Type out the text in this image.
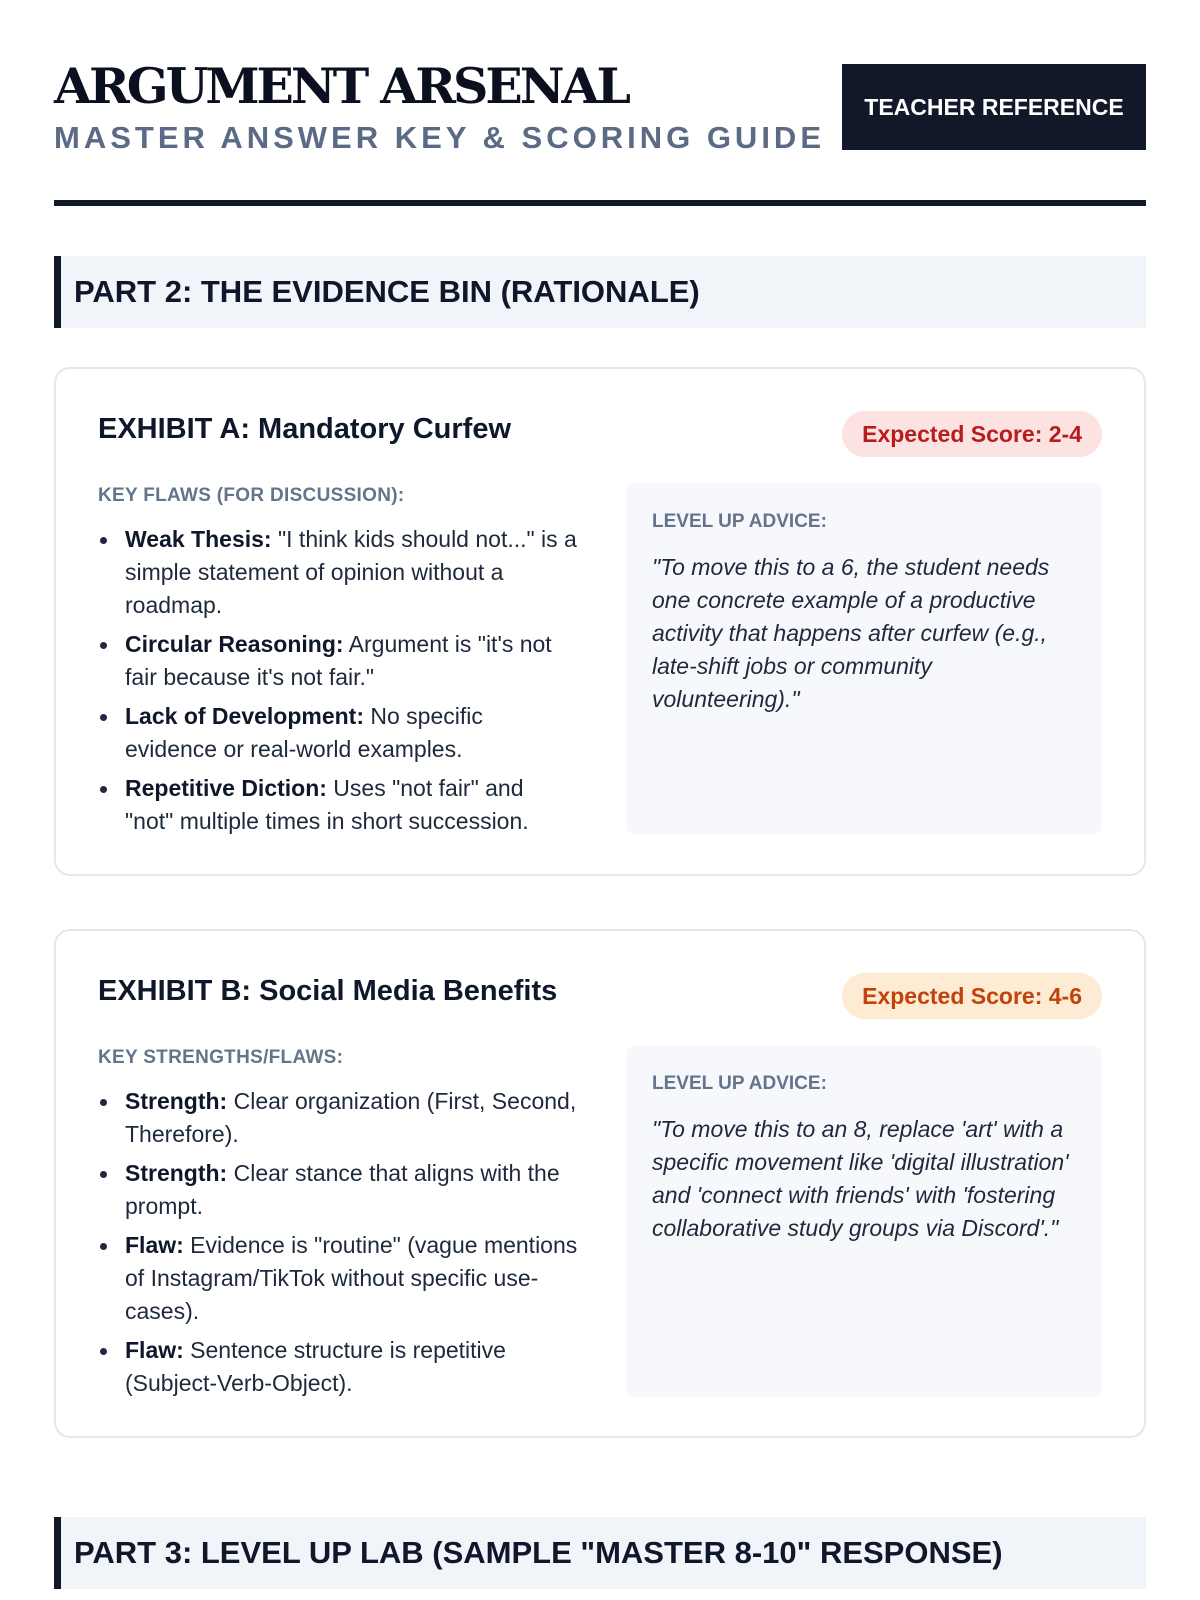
ARGUMENT ARSENAL
MASTER ANSWER KEY & SCORING GUIDE
TEACHER REFERENCE
PART 2: THE EVIDENCE BIN (RATIONALE)
EXHIBIT A: Mandatory Curfew	Expected Score: 2-4
KEY FLAWS (FOR DISCUSSION):
Weak Thesis: "I think kids should not..." is a simple statement of opinion without a roadmap.
Circular Reasoning: Argument is "it's not fair because it's not fair."
Lack of Development: No specific evidence or real-world examples.
Repetitive Diction: Uses "not fair" and "not" multiple times in short succession.
LEVEL UP ADVICE:
"To move this to a 6, the student needs one concrete example of a productive activity that happens after curfew (e.g., late-shift jobs or community volunteering)."
EXHIBIT B: Social Media Benefits	Expected Score: 4-6
KEY STRENGTHS/FLAWS:
Strength: Clear organization (First, Second, Therefore).
Strength: Clear stance that aligns with the prompt.
Flaw: Evidence is "routine" (vague mentions of Instagram/TikTok without specific use-cases).
Flaw: Sentence structure is repetitive (Subject-Verb-Object).
LEVEL UP ADVICE:
"To move this to an 8, replace 'art' with a specific movement like 'digital illustration' and 'connect with friends' with 'fostering collaborative study groups via Discord'."
PART 3: LEVEL UP LAB (SAMPLE "MASTER 8-10" RESPONSE)
